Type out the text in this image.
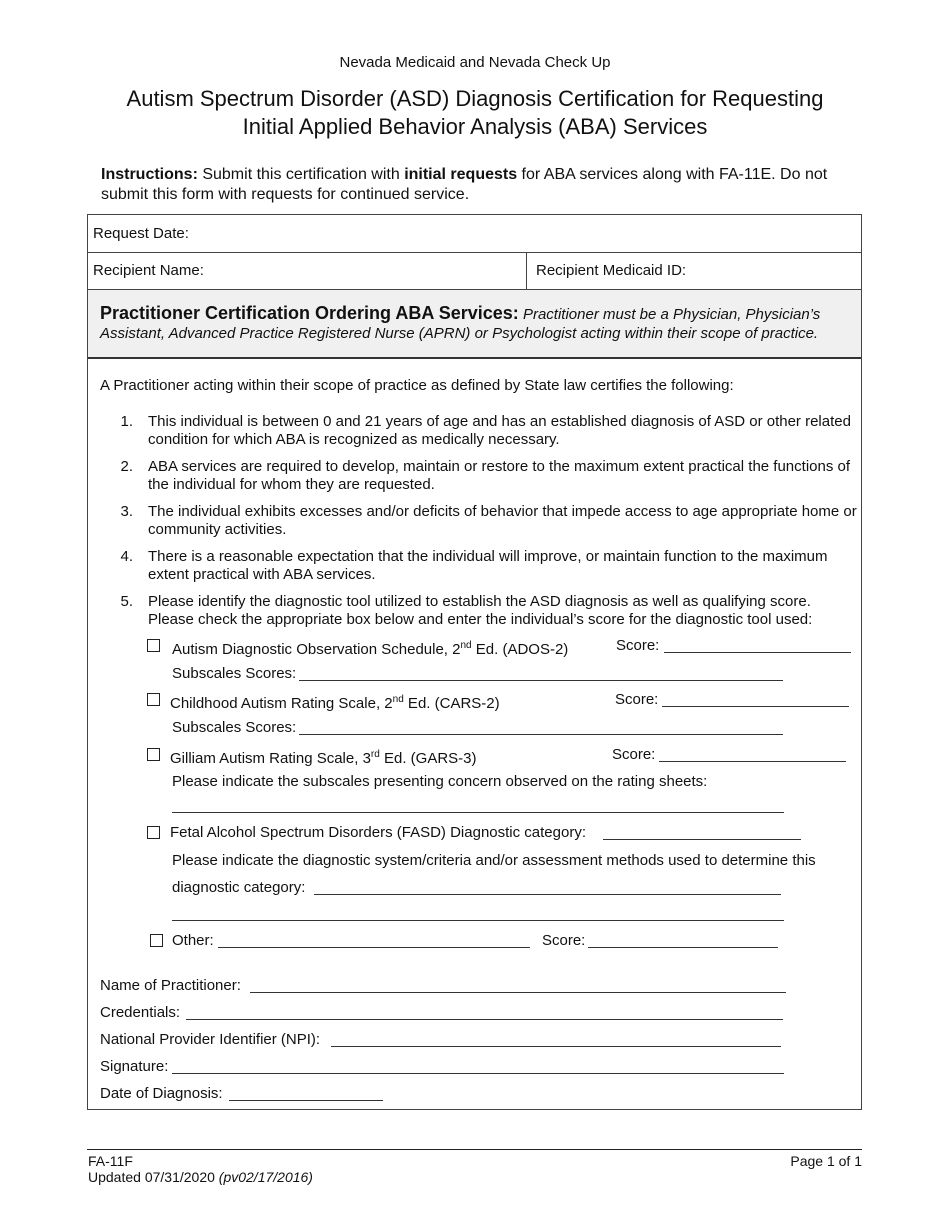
Nevada Medicaid and Nevada Check Up
Autism Spectrum Disorder (ASD) Diagnosis Certification for Requesting
Initial Applied Behavior Analysis (ABA) Services
Instructions: Submit this certification with initial requests for ABA services along with FA-11E. Do not submit this form with requests for continued service.
Request Date:
Recipient Name:	Recipient Medicaid ID:
Practitioner Certification Ordering ABA Services: Practitioner must be a Physician, Physician’s Assistant, Advanced Practice Registered Nurse (APRN) or Psychologist acting within their scope of practice.
A Practitioner acting within their scope of practice as defined by State law certifies the following:
1. This individual is between 0 and 21 years of age and has an established diagnosis of ASD or other related condition for which ABA is recognized as medically necessary.
2. ABA services are required to develop, maintain or restore to the maximum extent practical the functions of the individual for whom they are requested.
3. The individual exhibits excesses and/or deficits of behavior that impede access to age appropriate home or community activities.
4. There is a reasonable expectation that the individual will improve, or maintain function to the maximum extent practical with ABA services.
5. Please identify the diagnostic tool utilized to establish the ASD diagnosis as well as qualifying score. Please check the appropriate box below and enter the individual’s score for the diagnostic tool used:
Autism Diagnostic Observation Schedule, 2nd Ed. (ADOS-2)	Score:
Subscales Scores:
Childhood Autism Rating Scale, 2nd Ed. (CARS-2)	Score:
Subscales Scores:
Gilliam Autism Rating Scale, 3rd Ed. (GARS-3)	Score:
Please indicate the subscales presenting concern observed on the rating sheets:
Fetal Alcohol Spectrum Disorders (FASD) Diagnostic category:
Please indicate the diagnostic system/criteria and/or assessment methods used to determine this
diagnostic category:
Other:	Score:
Name of Practitioner:
Credentials:
National Provider Identifier (NPI):
Signature:
Date of Diagnosis:
FA-11F
Updated 07/31/2020 (pv02/17/2016)
Page 1 of 1
